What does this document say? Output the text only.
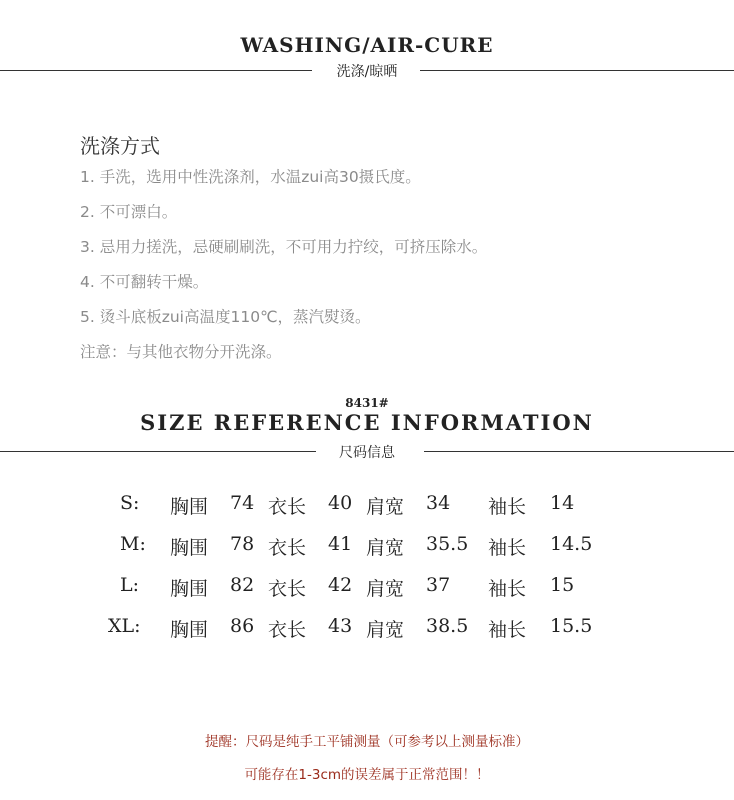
WASHING/AIR-CURE
洗涤/晾晒
洗涤方式
1. 手洗，选用中性洗涤剂，水温zui高30摄氏度。
2. 不可漂白。
3. 忌用力搓洗，忌硬刷刷洗，不可用力拧绞，可挤压除水。
4. 不可翻转干燥。
5. 烫斗底板zui高温度110℃，蒸汽熨烫。
注意：与其他衣物分开洗涤。
8431#
SIZE REFERENCE INFORMATION
尺码信息
S: 胸围 74 衣长 40 肩宽 34 袖长 14
M: 胸围 78 衣长 41 肩宽 35.5 袖长 14.5
L: 胸围 82 衣长 42 肩宽 37 袖长 15
XL: 胸围 86 衣长 43 肩宽 38.5 袖长 15.5
提醒：尺码是纯手工平铺测量（可参考以上测量标准）
可能存在1-3cm的误差属于正常范围！！
